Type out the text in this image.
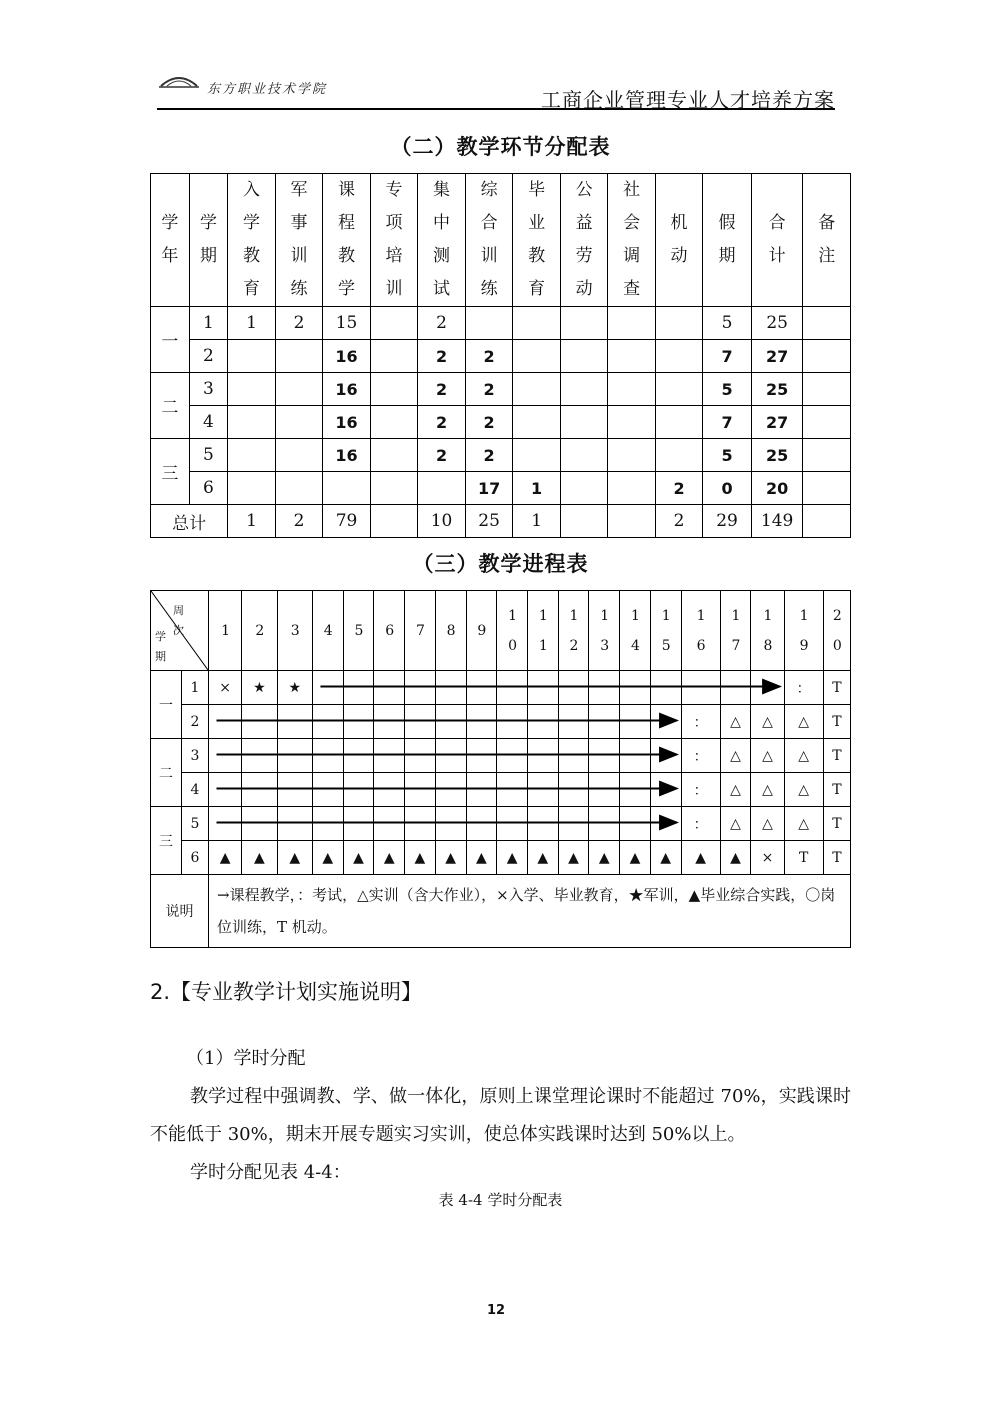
东方职业技术学院	工商企业管理专业人才培养方案
（二）教学环节分配表
学年	学期	入学教育	军事训练	课程教学	专项培训	集中测试	综合训练	毕业教育	公益劳动	社会调查	机动	假期	合计	备注
一	1	1	2	15		2						5	25	
	2			16		2	2					7	27	
二	3			16		2	2					5	25	
	4			16		2	2					7	27	
三	5			16		2	2					5	25	
	6						17	1			2	0	20	
总计		1	2	79		10	25	1			2	29	149	
（三）教学进程表
周次
学期		1	2	3	4	5	6	7	8	9	10	11	12	13	14	15	16	17	18	19	20
一	1	×	★	★																：	T
	2																：	△	△	△	T
二	3																：	△	△	△	T
	4																：	△	△	△	T
三	5																：	△	△	△	T
	6	▲	▲	▲	▲	▲	▲	▲	▲	▲	▲	▲	▲	▲	▲	▲	▲	▲	×	T	T
说明		→课程教学，：考试，△实训（含大作业），×入学、毕业教育，★军训，▲毕业综合实践，〇岗位训练，T 机动。																			
2.【专业教学计划实施说明】
（1）学时分配
教学过程中强调教、学、做一体化，原则上课堂理论课时不能超过 70%，实践课时不能低于 30%，期末开展专题实习实训，使总体实践课时达到 50%以上。
学时分配见表 4-4：
表 4-4 学时分配表
12
